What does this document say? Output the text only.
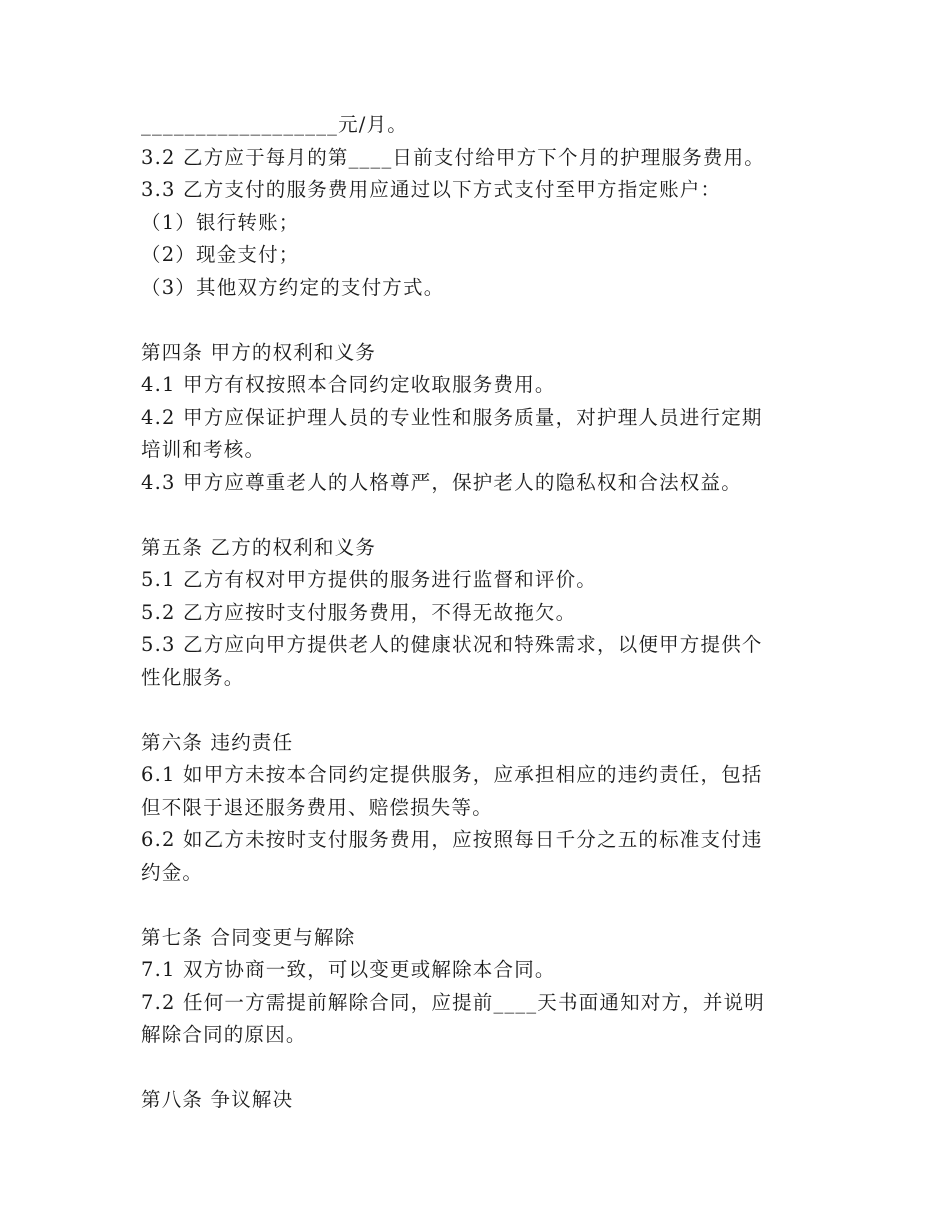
__________________元/月。
3.2 乙方应于每月的第____日前支付给甲方下个月的护理服务费用。
3.3 乙方支付的服务费用应通过以下方式支付至甲方指定账户：
（1）银行转账；
（2）现金支付；
（3）其他双方约定的支付方式。
第四条 甲方的权利和义务
4.1 甲方有权按照本合同约定收取服务费用。
4.2 甲方应保证护理人员的专业性和服务质量，对护理人员进行定期
培训和考核。
4.3 甲方应尊重老人的人格尊严，保护老人的隐私权和合法权益。
第五条 乙方的权利和义务
5.1 乙方有权对甲方提供的服务进行监督和评价。
5.2 乙方应按时支付服务费用，不得无故拖欠。
5.3 乙方应向甲方提供老人的健康状况和特殊需求，以便甲方提供个
性化服务。
第六条 违约责任
6.1 如甲方未按本合同约定提供服务，应承担相应的违约责任，包括
但不限于退还服务费用、赔偿损失等。
6.2 如乙方未按时支付服务费用，应按照每日千分之五的标准支付违
约金。
第七条 合同变更与解除
7.1 双方协商一致，可以变更或解除本合同。
7.2 任何一方需提前解除合同，应提前____天书面通知对方，并说明
解除合同的原因。
第八条 争议解决
